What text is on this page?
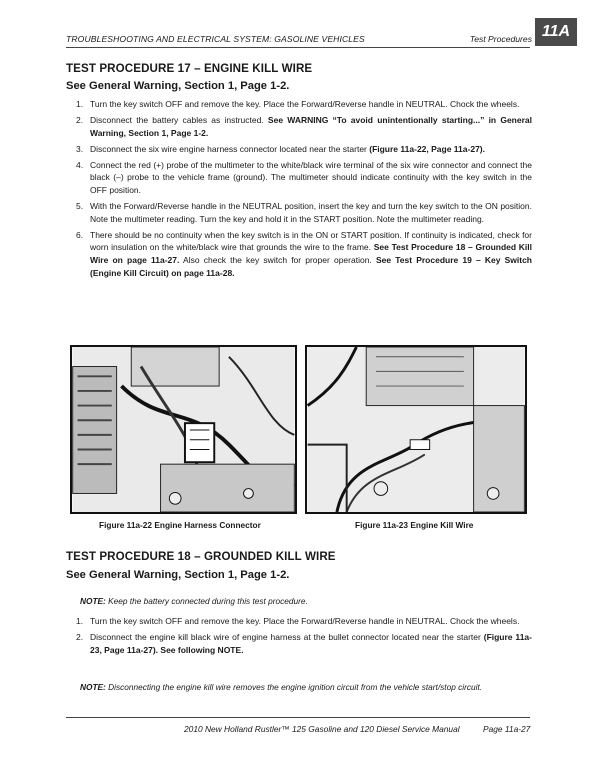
TROUBLESHOOTING AND ELECTRICAL SYSTEM: GASOLINE VEHICLES	Test Procedures 11A
TEST PROCEDURE 17 – ENGINE KILL WIRE
See General Warning, Section 1, Page 1-2.
1. Turn the key switch OFF and remove the key. Place the Forward/Reverse handle in NEUTRAL. Chock the wheels.
2. Disconnect the battery cables as instructed. See WARNING “To avoid unintentionally starting...” in General Warning, Section 1, Page 1-2.
3. Disconnect the six wire engine harness connector located near the starter (Figure 11a-22, Page 11a-27).
4. Connect the red (+) probe of the multimeter to the white/black wire terminal of the six wire connector and connect the black (–) probe to the vehicle frame (ground). The multimeter should indicate continuity with the key switch in the OFF position.
5. With the Forward/Reverse handle in the NEUTRAL position, insert the key and turn the key switch to the ON position. Note the multimeter reading. Turn the key and hold it in the START position. Note the multimeter reading.
6. There should be no continuity when the key switch is in the ON or START position. If continuity is indicated, check for worn insulation on the white/black wire that grounds the wire to the frame. See Test Procedure 18 – Grounded Kill Wire on page 11a-27. Also check the key switch for proper operation. See Test Procedure 19 – Key Switch (Engine Kill Circuit) on page 11a-28.
Figure 11a-22 Engine Harness Connector	Figure 11a-23 Engine Kill Wire
TEST PROCEDURE 18 – GROUNDED KILL WIRE
See General Warning, Section 1, Page 1-2.
NOTE: Keep the battery connected during this test procedure.
1. Turn the key switch OFF and remove the key. Place the Forward/Reverse handle in NEUTRAL. Chock the wheels.
2. Disconnect the engine kill black wire of engine harness at the bullet connector located near the starter (Figure 11a-23, Page 11a-27). See following NOTE.
NOTE: Disconnecting the engine kill wire removes the engine ignition circuit from the vehicle start/stop circuit.
2010 New Holland Rustler™ 125 Gasoline and 120 Diesel Service Manual	Page 11a-27
